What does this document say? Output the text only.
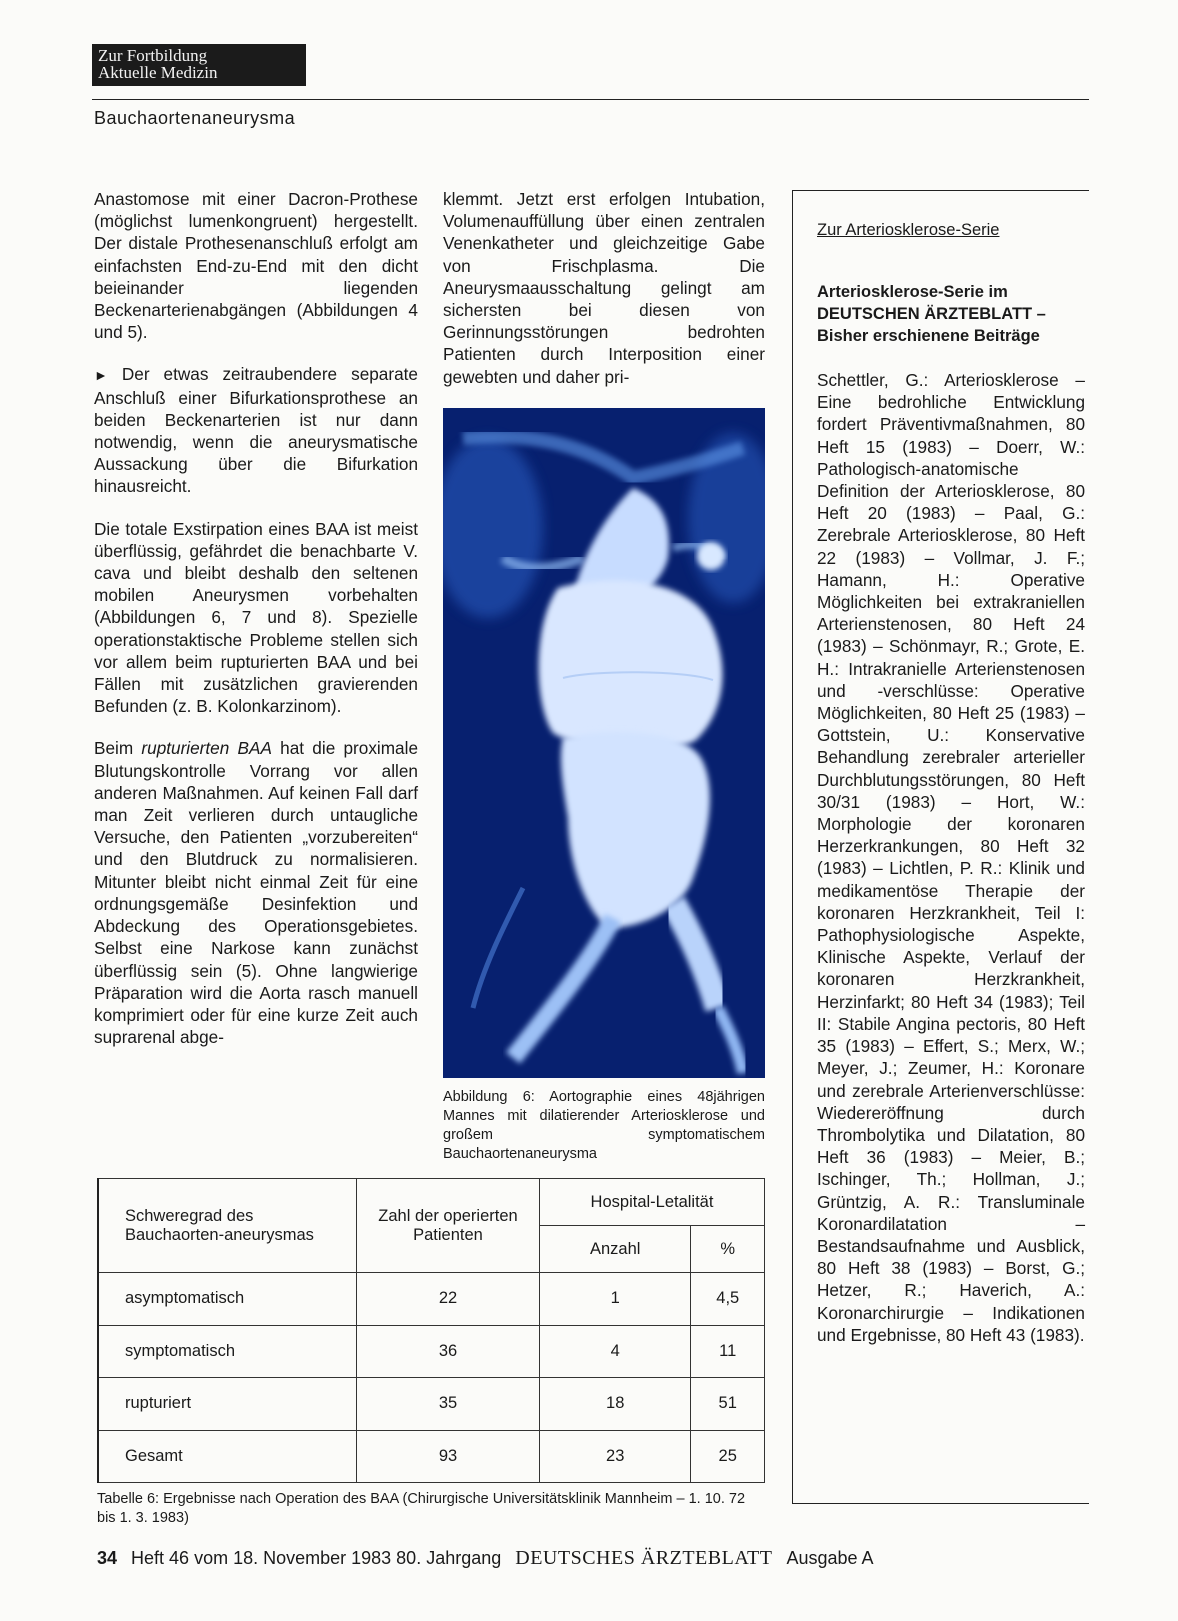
Zur Fortbildung
Aktuelle Medizin
Bauchaortenaneurysma

Anastomose mit einer Dacron-Prothese (möglichst lumenkongruent) hergestellt. Der distale Prothesenanschluß erfolgt am einfachsten End-zu-End mit den dicht beieinander liegenden Beckenarterienabgängen (Abbildungen 4 und 5).

► Der etwas zeitraubendere separate Anschluß einer Bifurkationsprothese an beiden Beckenarterien ist nur dann notwendig, wenn die aneurysmatische Aussackung über die Bifurkation hinausreicht.

Die totale Exstirpation eines BAA ist meist überflüssig, gefährdet die benachbarte V. cava und bleibt deshalb den seltenen mobilen Aneurysmen vorbehalten (Abbildungen 6, 7 und 8). Spezielle operationstaktische Probleme stellen sich vor allem beim rupturierten BAA und bei Fällen mit zusätzlichen gravierenden Befunden (z. B. Kolonkarzinom).

Beim rupturierten BAA hat die proximale Blutungskontrolle Vorrang vor allen anderen Maßnahmen. Auf keinen Fall darf man Zeit verlieren durch untaugliche Versuche, den Patienten „vorzubereiten“ und den Blutdruck zu normalisieren. Mitunter bleibt nicht einmal Zeit für eine ordnungsgemäße Desinfektion und Abdeckung des Operationsgebietes. Selbst eine Narkose kann zunächst überflüssig sein (5). Ohne langwierige Präparation wird die Aorta rasch manuell komprimiert oder für eine kurze Zeit auch suprarenal abge-

klemmt. Jetzt erst erfolgen Intubation, Volumenauffüllung über einen zentralen Venenkatheter und gleichzeitige Gabe von Frischplasma. Die Aneurysmaausschaltung gelingt am sichersten bei diesen von Gerinnungsstörungen bedrohten Patienten durch Interposition einer gewebten und daher pri-

Abbildung 6: Aortographie eines 48jährigen Mannes mit dilatierender Arteriosklerose und großem symptomatischem Bauchaortenaneurysma
Zur Arteriosklerose-Serie
Arteriosklerose-Serie im DEUTSCHEN ÄRZTEBLATT – Bisher erschienene Beiträge
Schettler, G.: Arteriosklerose – Eine bedrohliche Entwicklung fordert Präventivmaßnahmen, 80 Heft 15 (1983) – Doerr, W.: Pathologisch-anatomische Definition der Arteriosklerose, 80 Heft 20 (1983) – Paal, G.: Zerebrale Arteriosklerose, 80 Heft 22 (1983) – Vollmar, J. F.; Hamann, H.: Operative Möglichkeiten bei extrakraniellen Arterienstenosen, 80 Heft 24 (1983) – Schönmayr, R.; Grote, E. H.: Intrakranielle Arterienstenosen und -verschlüsse: Operative Möglichkeiten, 80 Heft 25 (1983) – Gottstein, U.: Konservative Behandlung zerebraler arterieller Durchblutungsstörungen, 80 Heft 30/31 (1983) – Hort, W.: Morphologie der koronaren Herzerkrankungen, 80 Heft 32 (1983) – Lichtlen, P. R.: Klinik und medikamentöse Therapie der koronaren Herzkrankheit, Teil I: Pathophysiologische Aspekte, Klinische Aspekte, Verlauf der koronaren Herzkrankheit, Herzinfarkt; 80 Heft 34 (1983); Teil II: Stabile Angina pectoris, 80 Heft 35 (1983) – Effert, S.; Merx, W.; Meyer, J.; Zeumer, H.: Koronare und zerebrale Arterienverschlüsse: Wiedereröffnung durch Thrombolytika und Dilatation, 80 Heft 36 (1983) – Meier, B.; Ischinger, Th.; Hollman, J.; Grüntzig, A. R.: Transluminale Koronardilatation – Bestandsaufnahme und Ausblick, 80 Heft 38 (1983) – Borst, G.; Hetzer, R.; Haverich, A.: Koronarchirurgie – Indikationen und Ergebnisse, 80 Heft 43 (1983).
Schweregrad des Bauchaorten-aneurysmas	Zahl der operierten Patienten	Hospital-Letalität	
		Anzahl	%
asymptomatisch	22	1	4,5
symptomatisch	36	4	11
rupturiert	35	18	51
Gesamt	93	23	25
Tabelle 6: Ergebnisse nach Operation des BAA (Chirurgische Universitätsklinik Mannheim – 1. 10. 72 bis 1. 3. 1983)
34 Heft 46 vom 18. November 1983 80. Jahrgang DEUTSCHES ÄRZTEBLATT Ausgabe A
